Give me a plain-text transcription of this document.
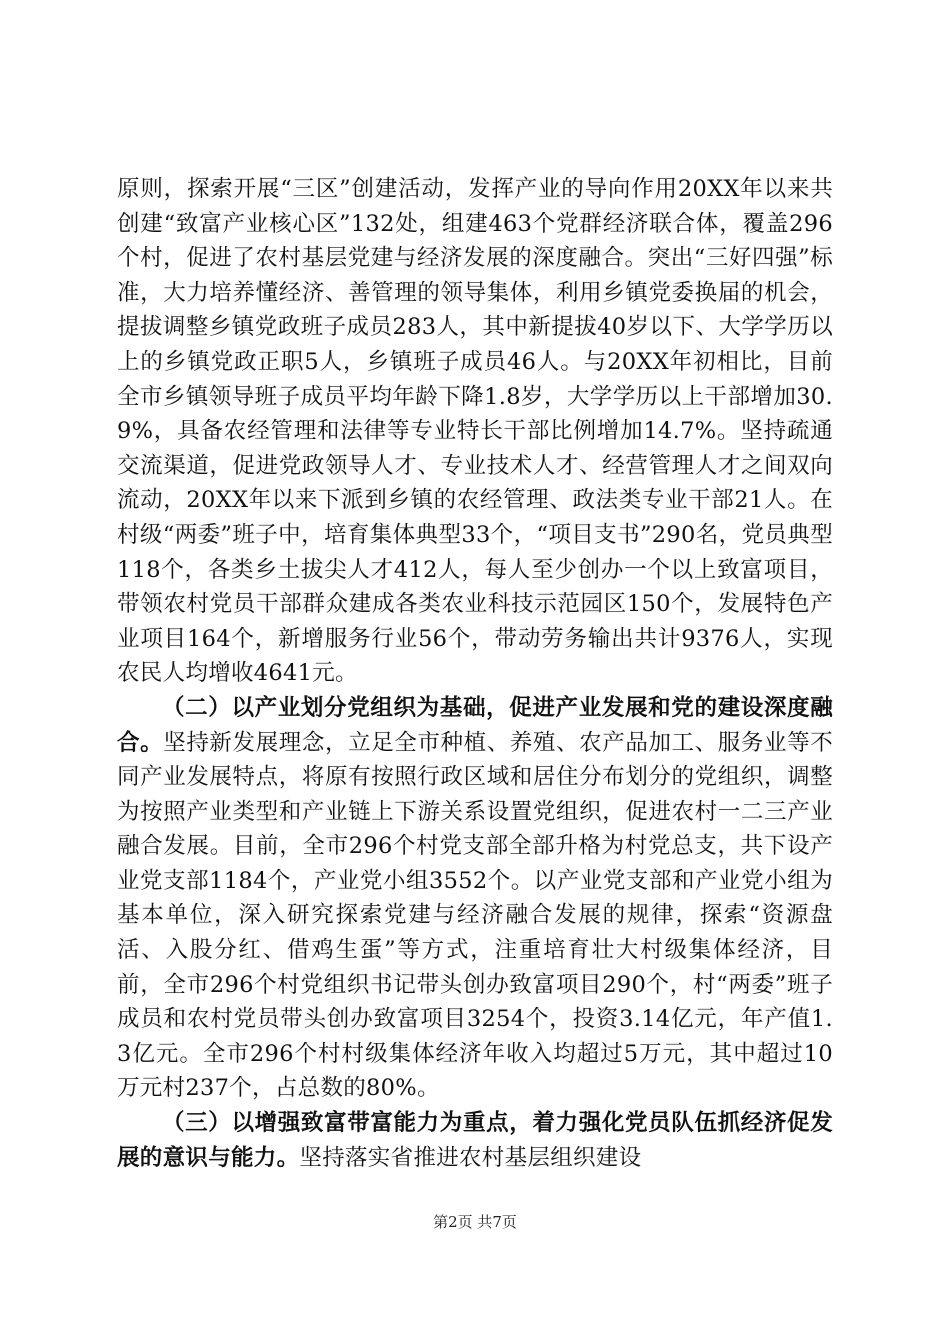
原则，探索开展“三区”创建活动，发挥产业的导向作用20XX年以来共创建“致富产业核心区”132处，组建463个党群经济联合体，覆盖296个村，促进了农村基层党建与经济发展的深度融合。突出“三好四强”标准，大力培养懂经济、善管理的领导集体，利用乡镇党委换届的机会，提拔调整乡镇党政班子成员283人，其中新提拔40岁以下、大学学历以上的乡镇党政正职5人，乡镇班子成员46人。与20XX年初相比，目前全市乡镇领导班子成员平均年龄下降1.8岁，大学学历以上干部增加30.9%，具备农经管理和法律等专业特长干部比例增加14.7%。坚持疏通交流渠道，促进党政领导人才、专业技术人才、经营管理人才之间双向流动，20XX年以来下派到乡镇的农经管理、政法类专业干部21人。在村级“两委”班子中，培育集体典型33个，“项目支书”290名，党员典型118个，各类乡土拔尖人才412人，每人至少创办一个以上致富项目，带领农村党员干部群众建成各类农业科技示范园区150个，发展特色产业项目164个，新增服务行业56个，带动劳务输出共计9376人，实现农民人均增收4641元。

（二）以产业划分党组织为基础，促进产业发展和党的建设深度融合。坚持新发展理念，立足全市种植、养殖、农产品加工、服务业等不同产业发展特点，将原有按照行政区域和居住分布划分的党组织，调整为按照产业类型和产业链上下游关系设置党组织，促进农村一二三产业融合发展。目前，全市296个村党支部全部升格为村党总支，共下设产业党支部1184个，产业党小组3552个。以产业党支部和产业党小组为基本单位，深入研究探索党建与经济融合发展的规律，探索“资源盘活、入股分红、借鸡生蛋”等方式，注重培育壮大村级集体经济，目前，全市296个村党组织书记带头创办致富项目290个，村“两委”班子成员和农村党员带头创办致富项目3254个，投资3.14亿元，年产值1.3亿元。全市296个村村级集体经济年收入均超过5万元，其中超过10万元村237个，占总数的80%。

（三）以增强致富带富能力为重点，着力强化党员队伍抓经济促发展的意识与能力。坚持落实省推进农村基层组织建设

第2页 共7页
